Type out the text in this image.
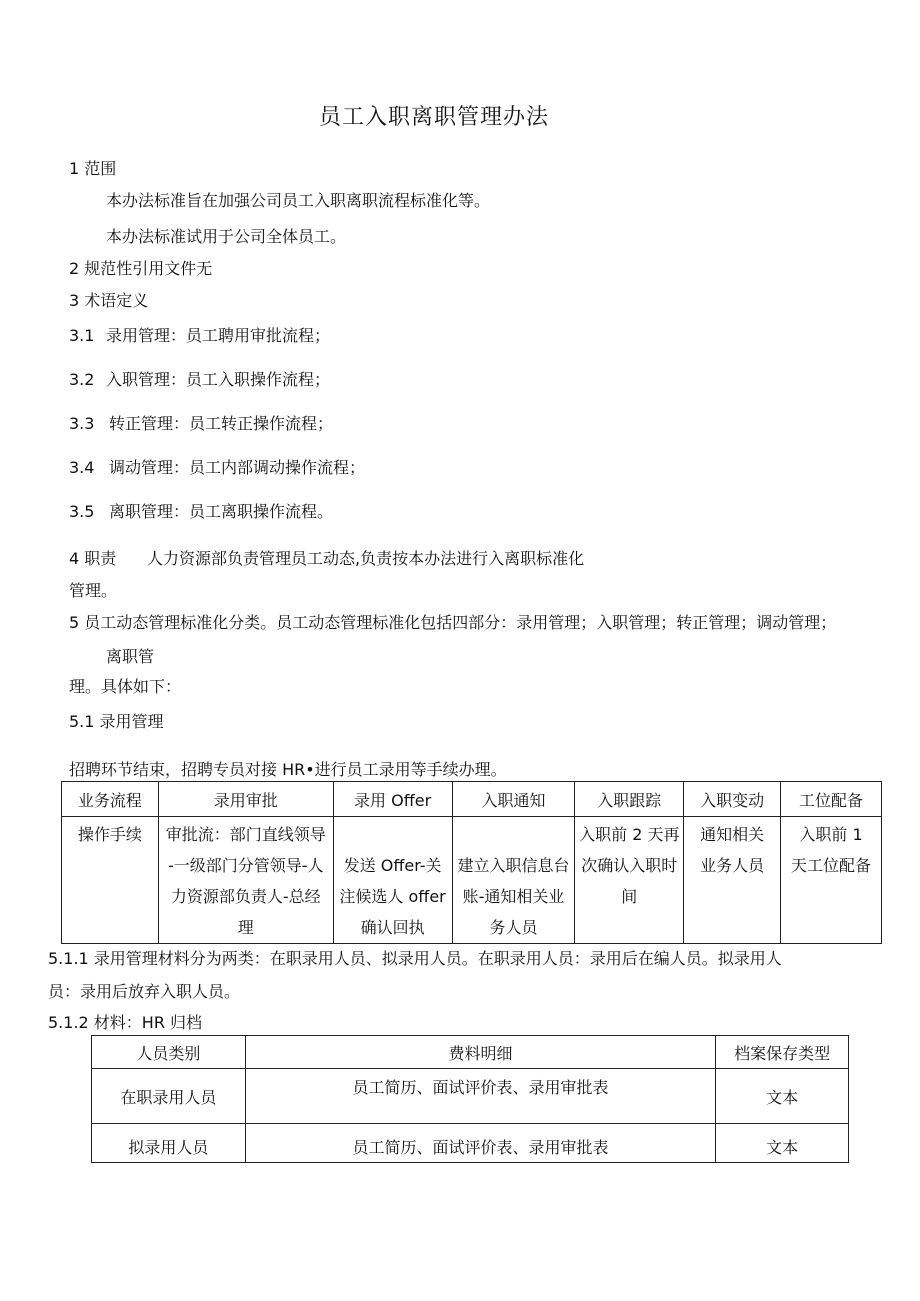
员工入职离职管理办法
1 范围
本办法标准旨在加强公司员工入职离职流程标准化等。
本办法标准试用于公司全体员工。
2 规范性引用文件无
3 术语定义
3.1 录用管理：员工聘用审批流程；
3.2 入职管理：员工入职操作流程；
3.3 转正管理：员工转正操作流程；
3.4 调动管理：员工内部调动操作流程；
3.5 离职管理：员工离职操作流程。
4 职责 人力资源部负责管理员工动态,负责按本办法进行入离职标准化
管理。
5 员工动态管理标准化分类。员工动态管理标准化包括四部分：录用管理；入职管理；转正管理；调动管理；
离职管
理。具体如下：
5.1 录用管理
招聘环节结束，招聘专员对接 HR•进行员工录用等手续办理。
业务流程	录用审批	录用 Offer	入职通知	入职跟踪	入职变动	工位配备

操作手续	审批流：部门直线领导
-一级部门分管领导-人
力资源部负责人-总经
理	发送 Offer-关
注候选人 offer
确认回执	建立入职信息台
账-通知相关业
务人员	入职前 2 天再
次确认入职时
间	通知相关
业务人员	入职前 1
天工位配备
5.1.1 录用管理材料分为两类：在职录用人员、拟录用人员。在职录用人员：录用后在编人员。拟录用人
员：录用后放弃入职人员。
5.1.2 材料：HR 归档
人员类别	费料明细	档案保存类型
在职录用人员	员工简历、面试评价表、录用审批表	文本
拟录用人员	员工简历、面试评价表、录用审批表	文本
